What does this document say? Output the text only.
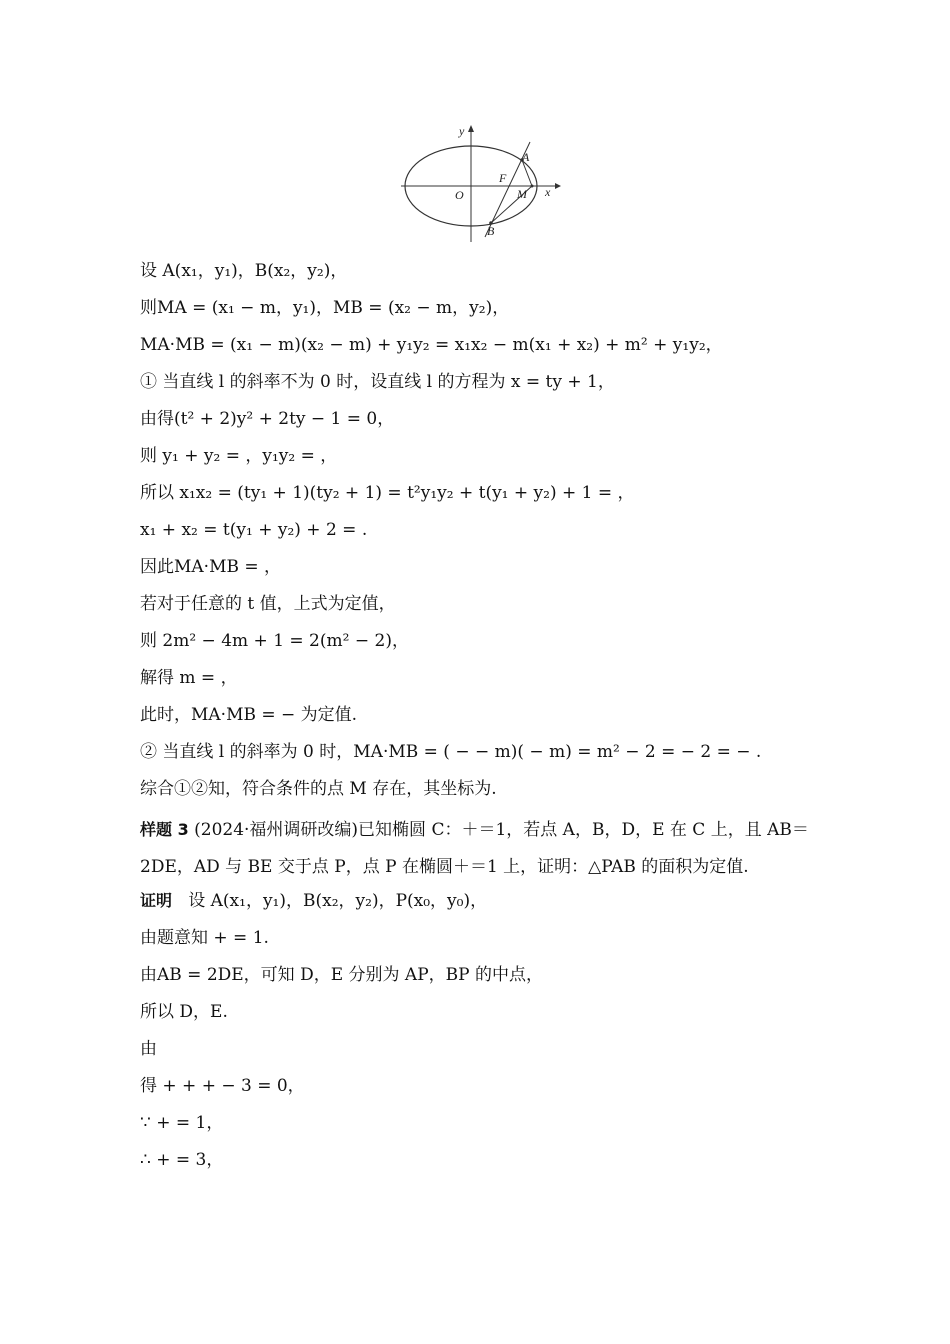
y
x
O
F
A
M
B
设 A(x₁，y₁)，B(x₂，y₂)，
则MA = (x₁ − m，y₁)，MB = (x₂ − m，y₂)，
MA·MB = (x₁ − m)(x₂ − m) + y₁y₂ = x₁x₂ − m(x₁ + x₂) + m² + y₁y₂，
① 当直线 l 的斜率不为 0 时，设直线 l 的方程为 x = ty + 1，
由得(t² + 2)y² + 2ty − 1 = 0，
则 y₁ + y₂ = ，y₁y₂ = ，
所以 x₁x₂ = (ty₁ + 1)(ty₂ + 1) = t²y₁y₂ + t(y₁ + y₂) + 1 = ，
x₁ + x₂ = t(y₁ + y₂) + 2 = .
因此MA·MB = ，
若对于任意的 t 值，上式为定值，
则 2m² − 4m + 1 = 2(m² − 2)，
解得 m = ，
此时，MA·MB = − 为定值.
② 当直线 l 的斜率为 0 时，MA·MB = ( − − m)( − m) = m² − 2 = − 2 = − .
综合①②知，符合条件的点 M 存在，其坐标为.
样题 3 (2024·福州调研改编)已知椭圆 C：＋＝1，若点 A，B，D，E 在 C 上，且 AB＝2DE，AD 与 BE 交于点 P，点 P 在椭圆＋＝1 上，证明：△PAB 的面积为定值.
证明 设 A(x₁，y₁)，B(x₂，y₂)，P(x₀，y₀)，
由题意知 + = 1.
由AB = 2DE，可知 D，E 分别为 AP，BP 的中点，
所以 D，E.
由
得 + + + − 3 = 0，
∵ + = 1，
∴ + = 3，
